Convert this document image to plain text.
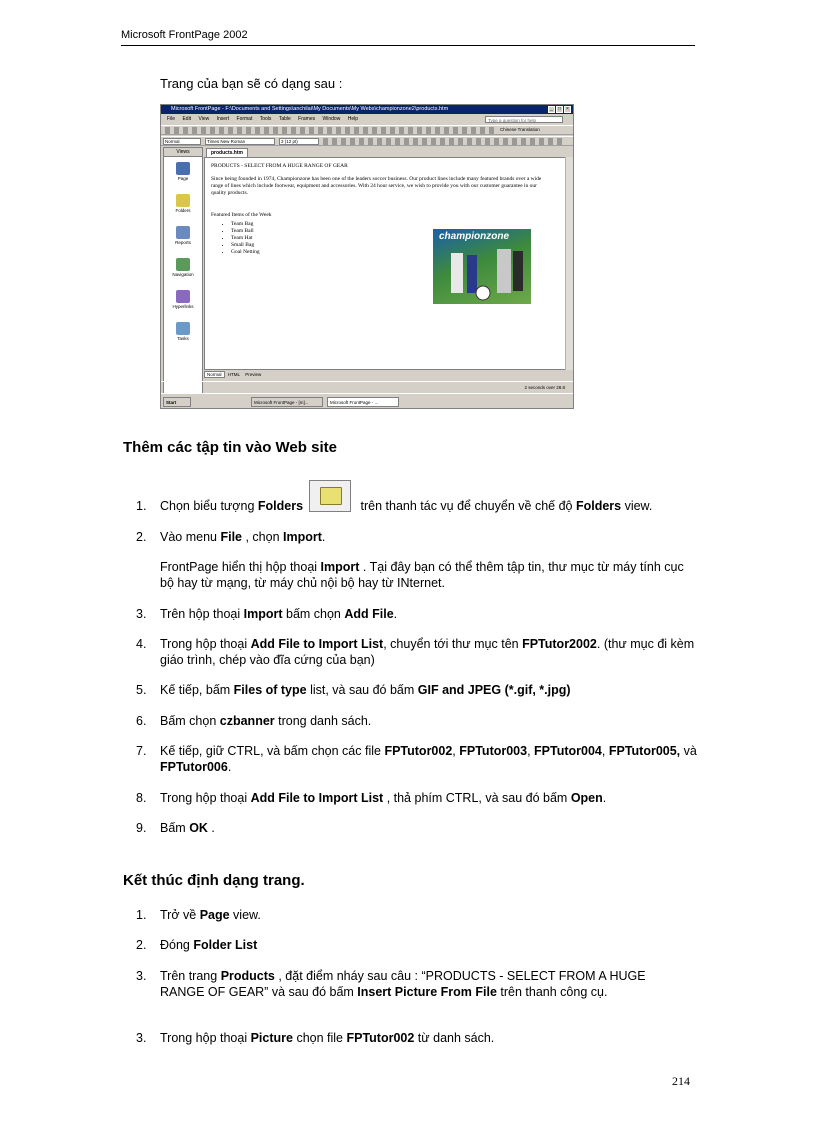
Microsoft FrontPage 2002
Trang của bạn sẽ có dạng sau :
Microsoft FrontPage - F:\Documents and Settings\anchilai\My Documents\My Webs\championzone2\products.htm	_	□	×
File Edit View Insert Format Tools Table Frames Window Help	Type a question for help
Chinese Translation
Normal	Times New Roman	3 (12 pt)
Views
Page
Folders
Reports
Navigation
Hyperlinks
Tasks
products.htm
PRODUCTS - SELECT FROM A HUGE RANGE OF GEAR
Since being founded in 1974, Championzone has been one of the leaders soccer business. Our product lines include many featured brands over a wide range of lines which include footwear, equipment and accessories. With 24 hour service, we wish to provide you with our customer guarantee in our quality products.
Featured Items of the Week
• Team Bag
• Team Ball
• Team Hat
• Small Bag
• Goal Netting
championzone
Normal HTML Preview
2 seconds over 28.8
Start	Microsoft FrontPage - [m]...	Microsoft FrontPage - ...
Thêm các tập tin vào Web site
1. Chọn biểu tượng Folders	trên thanh tác vụ để chuyển về chế độ Folders view.
2. Vào menu File , chọn Import.
FrontPage hiển thị hộp thoại Import . Tại đây bạn có thể thêm tập tin, thư mục từ máy tính cục bộ hay từ mạng, từ máy chủ nội bộ hay từ INternet.
3. Trên hộp thoại Import bấm chọn Add File.
4. Trong hộp thoại Add File to Import List, chuyển tới thư mục tên FPTutor2002. (thư mục đi kèm giáo trình, chép vào đĩa cứng của bạn)
5. Kế tiếp, bấm Files of type list, và sau đó bấm GIF and JPEG (*.gif, *.jpg)
6. Bấm chọn czbanner trong danh sách.
7. Kế tiếp, giữ CTRL, và bấm chọn các file FPTutor002, FPTutor003, FPTutor004, FPTutor005, và FPTutor006.
8. Trong hộp thoại Add File to Import List , thả phím CTRL, và sau đó bấm Open.
9. Bấm OK .
Kết thúc định dạng trang.
1. Trở về Page view.
2. Đóng Folder List
3. Trên trang Products , đặt điểm nháy sau câu : “PRODUCTS - SELECT FROM A HUGE RANGE OF GEAR” và sau đó bấm Insert Picture From File trên thanh công cụ.
3. Trong hộp thoại Picture chọn file FPTutor002 từ danh sách.
214
